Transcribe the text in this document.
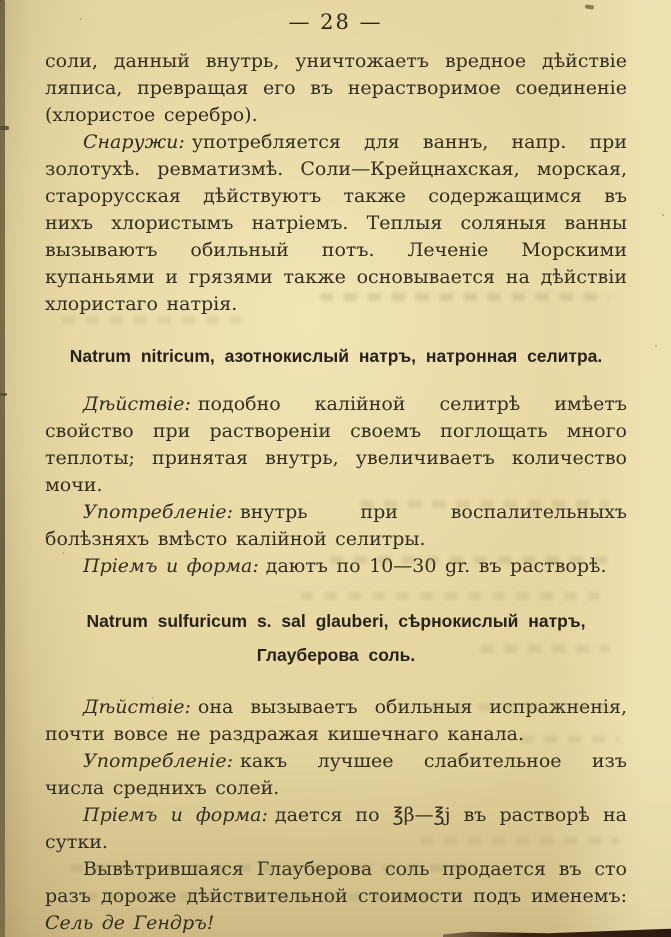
— 28 —

соли, данный внутрь, уничтожаетъ вредное дѣйствіе ляписа, превращая его въ нерастворимое соединеніе (хлористое серебро).

Снаружи: употребляется для ваннъ, напр. при золотухѣ. ревматизмѣ. Соли—Крейцнахская, морская, старорусская дѣйствуютъ также содержащимся въ нихъ хлористымъ натріемъ. Теплыя соляныя ванны вызываютъ обильный потъ. Леченіе Морскими купаньями и грязями также основывается на дѣйствіи хлористаго натрія.

Natrum nitricum, азотнокислый натръ, натронная селитра.

Дѣйствіе: подобно калійной селитрѣ имѣетъ свойство при раствореніи своемъ поглощать много теплоты; принятая внутрь, увеличиваетъ количество мочи.

Употребленіе: внутрь при воспалительныхъ болѣзняхъ вмѣсто калійной селитры.

Пріемъ и форма: даютъ по 10—30 gr. въ растворѣ.

Natrum sulfuricum s. sal glauberi, сѣрнокислый натръ,
Глауберова соль.

Дѣйствіе: она вызываетъ обильныя испражненія, почти вовсе не раздражая кишечнаго канала.

Употребленіе: какъ лучшее слабительное изъ числа среднихъ солей.

Пріемъ и форма: дается по ℥β—℥j въ растворѣ на сутки.

Вывѣтрившаяся Глауберова соль продается въ сто разъ дороже дѣйствительной стоимости подъ именемъ: Сель де Гендръ!
